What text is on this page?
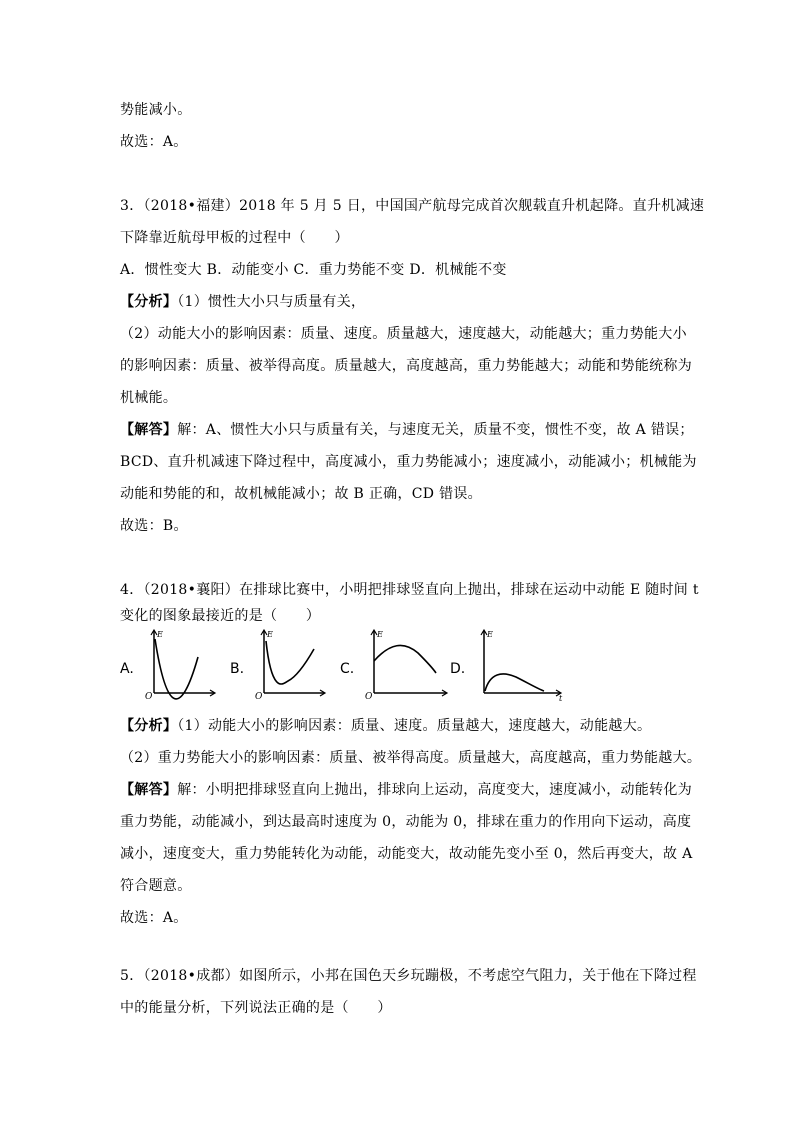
势能减小。
故选：A。
3．（2018•福建）2018 年 5 月 5 日，中国国产航母完成首次舰载直升机起降。直升机减速
下降靠近航母甲板的过程中（　　）
A．惯性变大 B．动能变小 C．重力势能不变 D．机械能不变
【分析】（1）惯性大小只与质量有关，
（2）动能大小的影响因素：质量、速度。质量越大，速度越大，动能越大；重力势能大小
的影响因素：质量、被举得高度。质量越大，高度越高，重力势能越大；动能和势能统称为
机械能。
【解答】解：A、惯性大小只与质量有关，与速度无关，质量不变，惯性不变，故 A 错误；
BCD、直升机减速下降过程中，高度减小，重力势能减小；速度减小，动能减小；机械能为
动能和势能的和，故机械能减小；故 B 正确，CD 错误。
故选：B。
4．（2018•襄阳）在排球比赛中，小明把排球竖直向上抛出，排球在运动中动能 E 随时间 t
变化的图象最接近的是（　　）
A.
E
O
B.
E
O
C.
E
O
D.
E
t
【分析】（1）动能大小的影响因素：质量、速度。质量越大，速度越大，动能越大。
（2）重力势能大小的影响因素：质量、被举得高度。质量越大，高度越高，重力势能越大。
【解答】解：小明把排球竖直向上抛出，排球向上运动，高度变大，速度减小，动能转化为
重力势能，动能减小，到达最高时速度为 0，动能为 0，排球在重力的作用向下运动，高度
减小，速度变大，重力势能转化为动能，动能变大，故动能先变小至 0，然后再变大，故 A
符合题意。
故选：A。
5．（2018•成都）如图所示，小邦在国色天乡玩蹦极，不考虑空气阻力，关于他在下降过程
中的能量分析，下列说法正确的是（　　）
